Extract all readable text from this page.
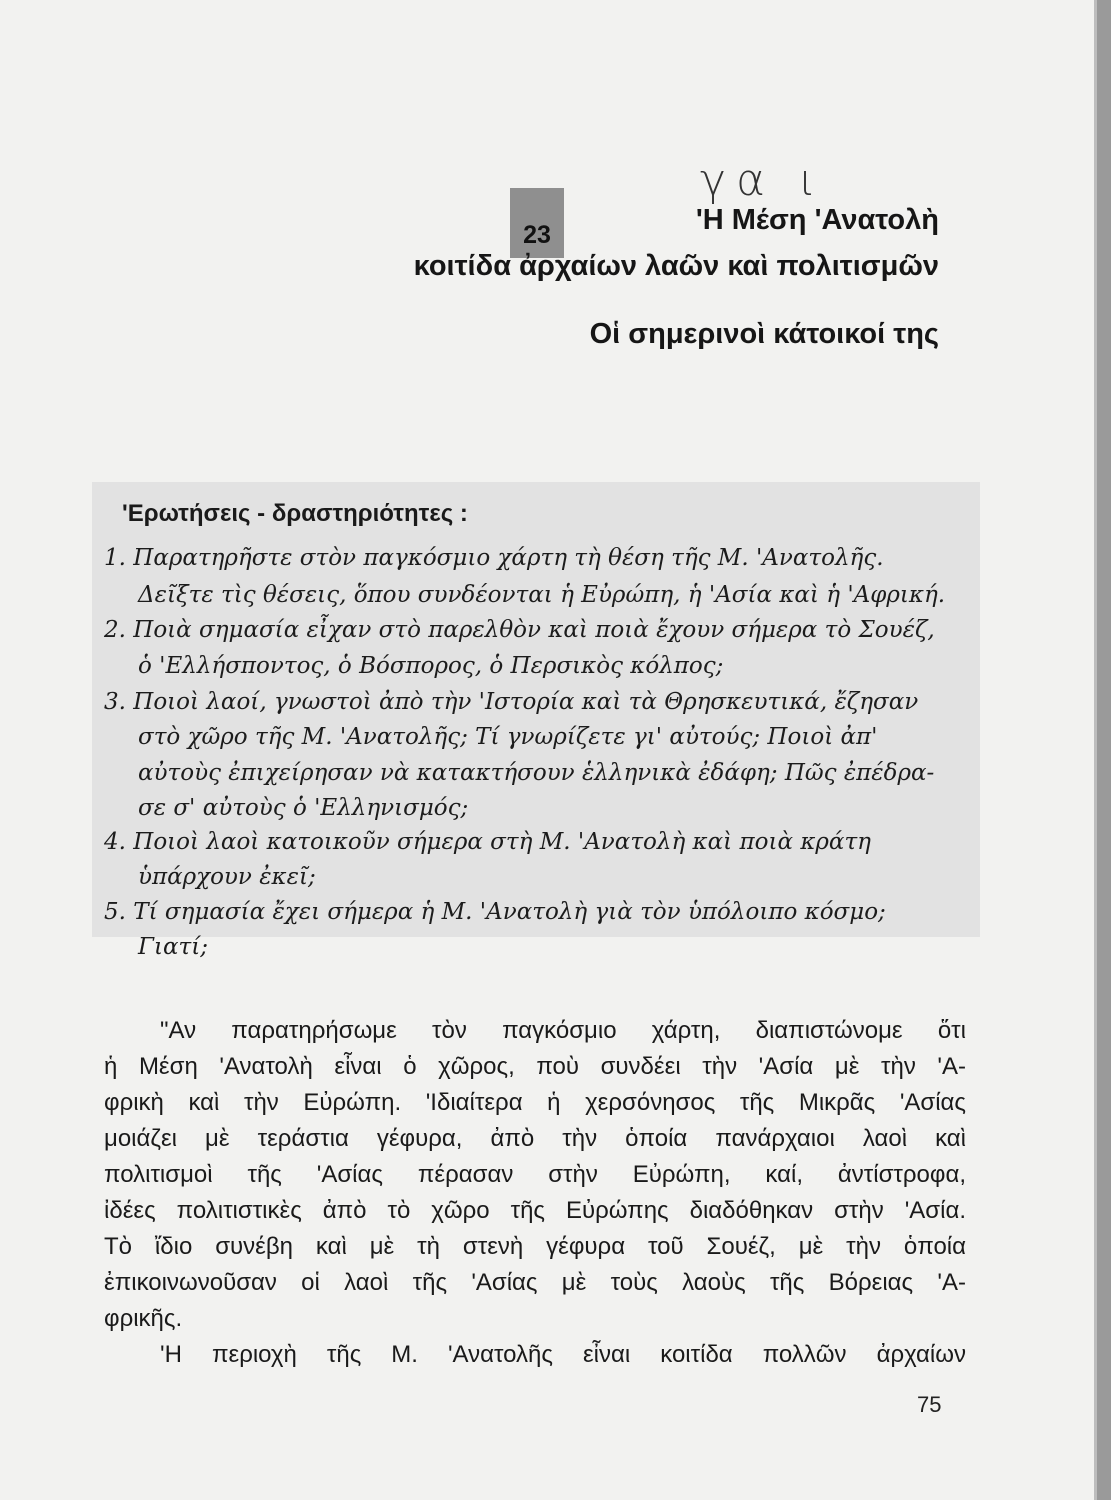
γα ι
23	'Η Μέση 'Ανατολὴ
κοιτίδα ἀρχαίων λαῶν καὶ πολιτισμῶν
Οἱ σημερινοὶ κάτοικοί της
'Ερωτήσεις - δραστηριότητες :
1. Παρατηρῆστε στὸν παγκόσμιο χάρτη τὴ θέση τῆς Μ. 'Ανατολῆς.
Δεῖξτε τὶς θέσεις, ὅπου συνδέονται ἡ Εὐρώπη, ἡ 'Ασία καὶ ἡ 'Αφρική.
2. Ποιὰ σημασία εἶχαν στὸ παρελθὸν καὶ ποιὰ ἔχουν σήμερα τὸ Σουέζ,
ὁ 'Ελλήσποντος, ὁ Βόσπορος, ὁ Περσικὸς κόλπος;
3. Ποιοὶ λαοί, γνωστοὶ ἀπὸ τὴν 'Ιστορία καὶ τὰ Θρησκευτικά, ἔζησαν
στὸ χῶρο τῆς Μ. 'Ανατολῆς; Τί γνωρίζετε γι' αὐτούς; Ποιοὶ ἀπ'
αὐτοὺς ἐπιχείρησαν νὰ κατακτήσουν ἑλληνικὰ ἐδάφη; Πῶς ἐπέδρα-
σε σ' αὐτοὺς ὁ 'Ελληνισμός;
4. Ποιοὶ λαοὶ κατοικοῦν σήμερα στὴ Μ. 'Ανατολὴ καὶ ποιὰ κράτη
ὑπάρχουν ἐκεῖ;
5. Τί σημασία ἔχει σήμερα ἡ Μ. 'Ανατολὴ γιὰ τὸν ὑπόλοιπο κόσμο;
Γιατί;
"Αν παρατηρήσωμε τὸν παγκόσμιο χάρτη, διαπιστώνομε ὅτι
ἡ Μέση 'Ανατολὴ εἶναι ὁ χῶρος, ποὺ συνδέει τὴν 'Ασία μὲ τὴν 'Α-
φρικὴ καὶ τὴν Εὐρώπη. 'Ιδιαίτερα ἡ χερσόνησος τῆς Μικρᾶς 'Ασίας
μοιάζει μὲ τεράστια γέφυρα, ἀπὸ τὴν ὁποία πανάρχαιοι λαοὶ καὶ
πολιτισμοὶ τῆς 'Ασίας πέρασαν στὴν Εὐρώπη, καί, ἀντίστροφα,
ἰδέες πολιτιστικὲς ἀπὸ τὸ χῶρο τῆς Εὐρώπης διαδόθηκαν στὴν 'Ασία.
Τὸ ἴδιο συνέβη καὶ μὲ τὴ στενὴ γέφυρα τοῦ Σουέζ, μὲ τὴν ὁποία
ἐπικοινωνοῦσαν οἱ λαοὶ τῆς 'Ασίας μὲ τοὺς λαοὺς τῆς Βόρειας 'Α-
φρικῆς.
'Η περιοχὴ τῆς Μ. 'Ανατολῆς εἶναι κοιτίδα πολλῶν ἀρχαίων
75
